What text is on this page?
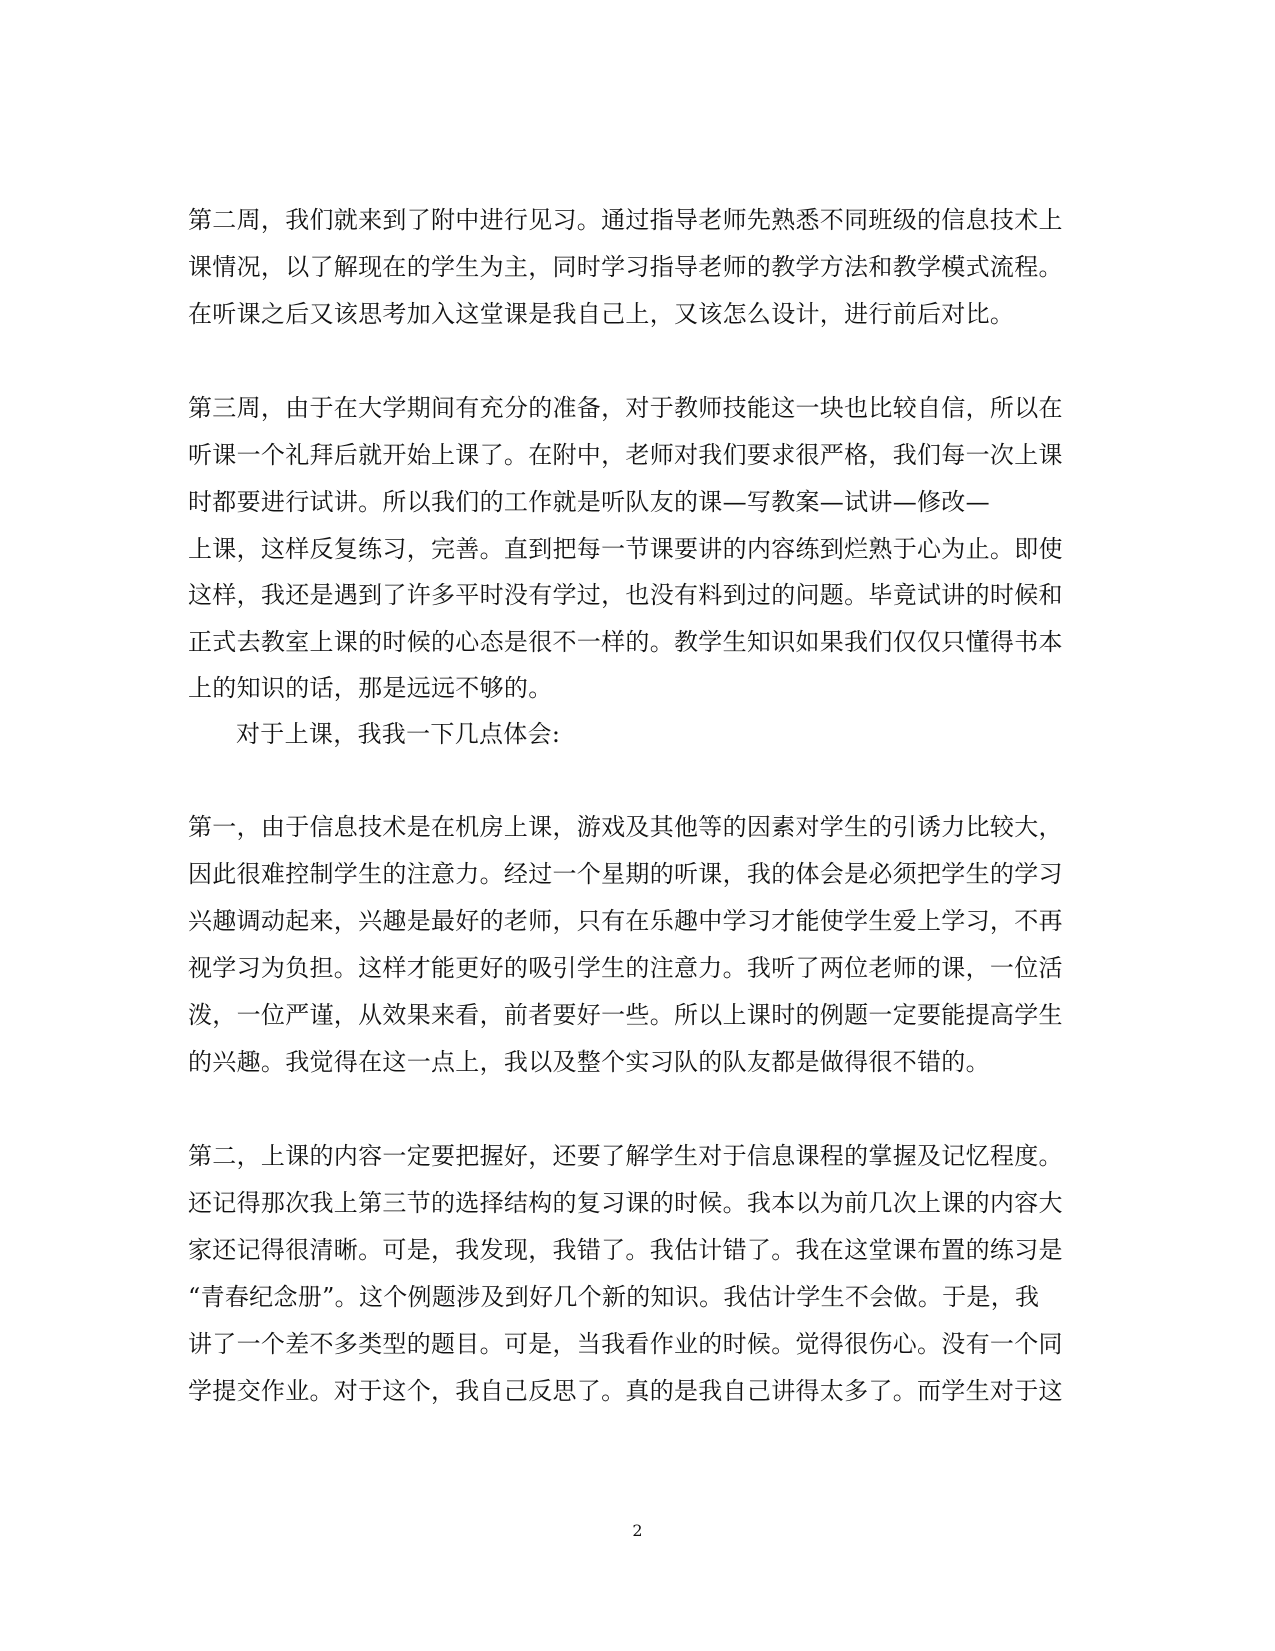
第二周，我们就来到了附中进行见习。通过指导老师先熟悉不同班级的信息技术上
课情况，以了解现在的学生为主，同时学习指导老师的教学方法和教学模式流程。
在听课之后又该思考加入这堂课是我自己上，又该怎么设计，进行前后对比。
第三周，由于在大学期间有充分的准备，对于教师技能这一块也比较自信，所以在
听课一个礼拜后就开始上课了。在附中，老师对我们要求很严格，我们每一次上课
时都要进行试讲。所以我们的工作就是听队友的课—写教案—试讲—修改—
上课，这样反复练习，完善。直到把每一节课要讲的内容练到烂熟于心为止。即使
这样，我还是遇到了许多平时没有学过，也没有料到过的问题。毕竟试讲的时候和
正式去教室上课的时候的心态是很不一样的。教学生知识如果我们仅仅只懂得书本
上的知识的话，那是远远不够的。
对于上课，我我一下几点体会:
第一，由于信息技术是在机房上课，游戏及其他等的因素对学生的引诱力比较大，
因此很难控制学生的注意力。经过一个星期的听课，我的体会是必须把学生的学习
兴趣调动起来，兴趣是最好的老师，只有在乐趣中学习才能使学生爱上学习，不再
视学习为负担。这样才能更好的吸引学生的注意力。我听了两位老师的课，一位活
泼，一位严谨，从效果来看，前者要好一些。所以上课时的例题一定要能提高学生
的兴趣。我觉得在这一点上，我以及整个实习队的队友都是做得很不错的。
第二，上课的内容一定要把握好，还要了解学生对于信息课程的掌握及记忆程度。
还记得那次我上第三节的选择结构的复习课的时候。我本以为前几次上课的内容大
家还记得很清晰。可是，我发现，我错了。我估计错了。我在这堂课布置的练习是
“青春纪念册”。这个例题涉及到好几个新的知识。我估计学生不会做。于是，我
讲了一个差不多类型的题目。可是，当我看作业的时候。觉得很伤心。没有一个同
学提交作业。对于这个，我自己反思了。真的是我自己讲得太多了。而学生对于这
2
